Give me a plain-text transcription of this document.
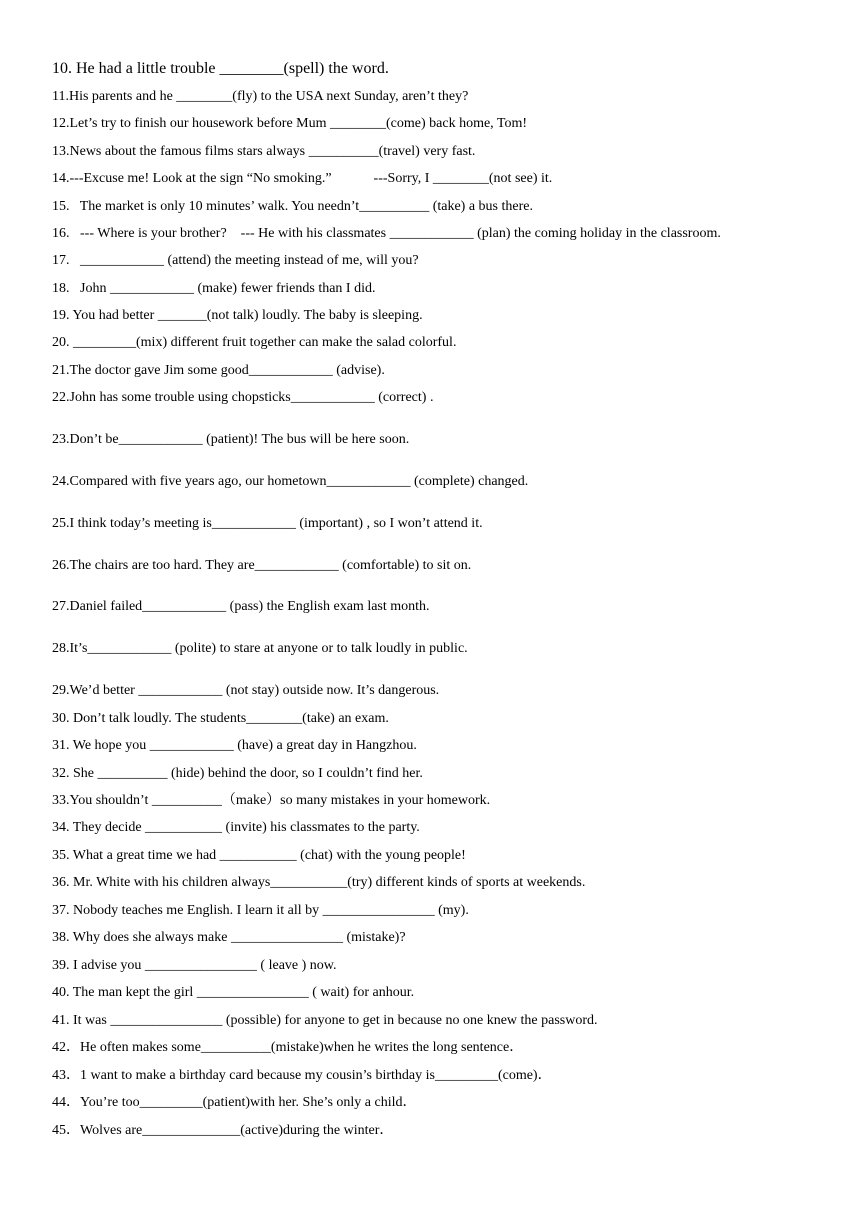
10. He had a little trouble ________(spell) the word.

11.His parents and he ________(fly) to the USA next Sunday, aren’t they?

12.Let’s try to finish our housework before Mum ________(come) back home, Tom!

13.News about the famous films stars always __________(travel) very fast.

14.---Excuse me! Look at the sign “No smoking.”            ---Sorry, I ________(not see) it.

15.   The market is only 10 minutes’ walk. You needn’t__________ (take) a bus there.

16.   --- Where is your brother?    --- He with his classmates ____________ (plan) the coming holiday in the classroom.

17.   ____________ (attend) the meeting instead of me, will you?

18.   John ____________ (make) fewer friends than I did.

19. You had better _______(not talk) loudly. The baby is sleeping.

20. _________(mix) different fruit together can make the salad colorful.

21.The doctor gave Jim some good____________ (advise).

22.John has some trouble using chopsticks____________ (correct) .

23.Don’t be____________ (patient)! The bus will be here soon.

24.Compared with five years ago, our hometown____________ (complete) changed.

25.I think today’s meeting is____________ (important) , so I won’t attend it.

26.The chairs are too hard. They are____________ (comfortable) to sit on.

27.Daniel failed____________ (pass) the English exam last month.

28.It’s____________ (polite) to stare at anyone or to talk loudly in public.

29.We’d better ____________ (not stay) outside now. It’s dangerous.

30. Don’t talk loudly. The students________(take) an exam.

31. We hope you ____________ (have) a great day in Hangzhou.

32. She __________ (hide) behind the door, so I couldn’t find her.

33.You shouldn’t __________（make）so many mistakes in your homework.

34. They decide ___________ (invite) his classmates to the party.

35. What a great time we had ___________ (chat) with the young people!

36. Mr. White with his children always___________(try) different kinds of sports at weekends.

37. Nobody teaches me English. I learn it all by ________________ (my).

38. Why does she always make ________________ (mistake)?

39. I advise you ________________ ( leave ) now.

40. The man kept the girl ________________ ( wait) for anhour.

41. It was ________________ (possible) for anyone to get in because no one knew the password.

42．He often makes some__________(mistake)when he writes the long sentence．

43．1 want to make a birthday card because my cousin’s birthday is_________(come)．

44．You’re too_________(patient)with her. She’s only a child．

45．Wolves are______________(active)during the winter．
